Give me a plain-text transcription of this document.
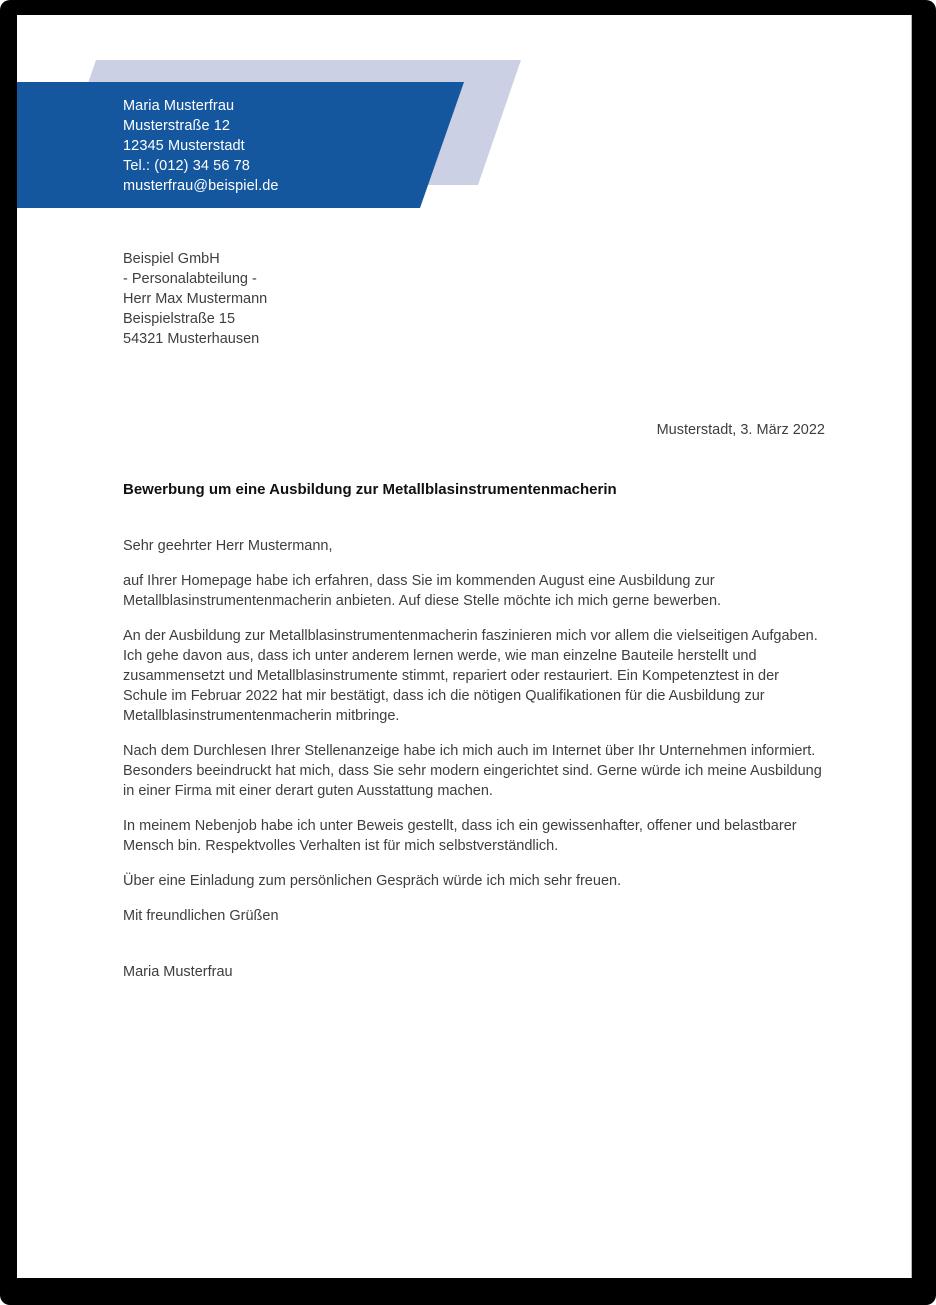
Maria Musterfrau
Musterstraße 12
12345 Musterstadt
Tel.: (012) 34 56 78
musterfrau@beispiel.de
Beispiel GmbH
- Personalabteilung -
Herr Max Mustermann
Beispielstraße 15
54321 Musterhausen
Musterstadt, 3. März 2022
Bewerbung um eine Ausbildung zur Metallblasinstrumentenmacherin

Sehr geehrter Herr Mustermann,

auf Ihrer Homepage habe ich erfahren, dass Sie im kommenden August eine Ausbildung zur Metallblasinstrumentenmacherin anbieten. Auf diese Stelle möchte ich mich gerne bewerben.

An der Ausbildung zur Metallblasinstrumentenmacherin faszinieren mich vor allem die vielseitigen Aufgaben. Ich gehe davon aus, dass ich unter anderem lernen werde, wie man einzelne Bauteile herstellt und zusammensetzt und Metallblasinstrumente stimmt, repariert oder restauriert. Ein Kompetenztest in der Schule im Februar 2022 hat mir bestätigt, dass ich die nötigen Qualifikationen für die Ausbildung zur Metallblasinstrumentenmacherin mitbringe.

Nach dem Durchlesen Ihrer Stellenanzeige habe ich mich auch im Internet über Ihr Unternehmen informiert. Besonders beeindruckt hat mich, dass Sie sehr modern eingerichtet sind. Gerne würde ich meine Ausbildung in einer Firma mit einer derart guten Ausstattung machen.

In meinem Nebenjob habe ich unter Beweis gestellt, dass ich ein gewissenhafter, offener und belastbarer Mensch bin. Respektvolles Verhalten ist für mich selbstverständlich.

Über eine Einladung zum persönlichen Gespräch würde ich mich sehr freuen.

Mit freundlichen Grüßen

Maria Musterfrau
